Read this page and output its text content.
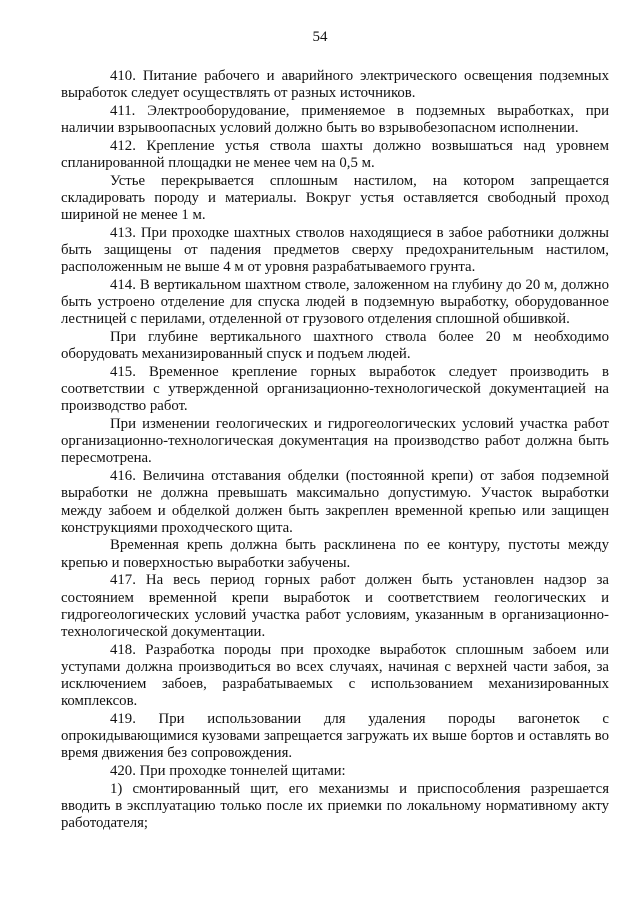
54

410. Питание рабочего и аварийного электрического освещения подземных выработок следует осуществлять от разных источников.

411. Электрооборудование, применяемое в подземных выработках, при наличии взрывоопасных условий должно быть во взрывобезопасном исполнении.

412. Крепление устья ствола шахты должно возвышаться над уровнем спланированной площадки не менее чем на 0,5 м.

Устье перекрывается сплошным настилом, на котором запрещается складировать породу и материалы. Вокруг устья оставляется свободный проход шириной не менее 1 м.

413. При проходке шахтных стволов находящиеся в забое работники должны быть защищены от падения предметов сверху предохранительным настилом, расположенным не выше 4 м от уровня разрабатываемого грунта.

414. В вертикальном шахтном стволе, заложенном на глубину до 20 м, должно быть устроено отделение для спуска людей в подземную выработку, оборудованное лестницей с перилами, отделенной от грузового отделения сплошной обшивкой.

При глубине вертикального шахтного ствола более 20 м необходимо оборудовать механизированный спуск и подъем людей.

415. Временное крепление горных выработок следует производить в соответствии с утвержденной организационно-технологической документацией на производство работ.

При изменении геологических и гидрогеологических условий участка работ организационно-технологическая документация на производство работ должна быть пересмотрена.

416. Величина отставания обделки (постоянной крепи) от забоя подземной выработки не должна превышать максимально допустимую. Участок выработки между забоем и обделкой должен быть закреплен временной крепью или защищен конструкциями проходческого щита.

Временная крепь должна быть расклинена по ее контуру, пустоты между крепью и поверхностью выработки забучены.

417. На весь период горных работ должен быть установлен надзор за состоянием временной крепи выработок и соответствием геологических и гидрогеологических условий участка работ условиям, указанным в организационно-технологической документации.

418. Разработка породы при проходке выработок сплошным забоем или уступами должна производиться во всех случаях, начиная с верхней части забоя, за исключением забоев, разрабатываемых с использованием механизированных комплексов.

419. При использовании для удаления породы вагонеток с опрокидывающимися кузовами запрещается загружать их выше бортов и оставлять во время движения без сопровождения.

420. При проходке тоннелей щитами:

1) смонтированный щит, его механизмы и приспособления разрешается вводить в эксплуатацию только после их приемки по локальному нормативному акту работодателя;
